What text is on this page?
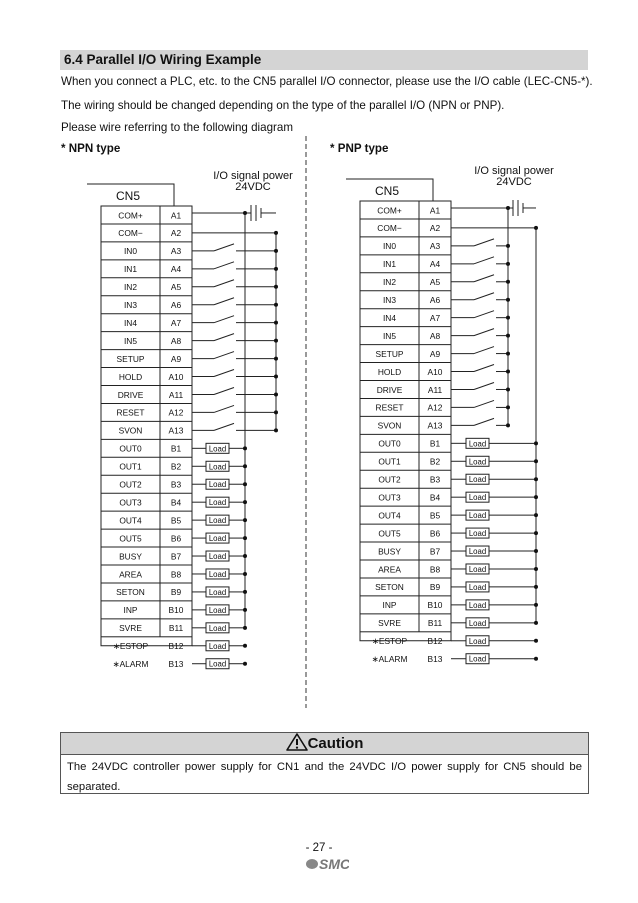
6.4 Parallel I/O Wiring Example
When you connect a PLC, etc. to the CN5 parallel I/O connector, please use the I/O cable (LEC-CN5-*).
The wiring should be changed depending on the type of the parallel I/O (NPN or PNP).
Please wire referring to the following diagram
* NPN type	* PNP type
CN5
COM+	A1
COM−	A2
IN0	A3
IN1	A4
IN2	A5
IN3	A6
IN4	A7
IN5	A8
SETUP	A9
HOLD	A10
DRIVE	A11
RESET	A12
SVON	A13
OUT0	B1
OUT1	B2
OUT2	B3
OUT3	B4
OUT4	B5
OUT5	B6
BUSY	B7
AREA	B8
SETON	B9
INP	B10
SVRE	B11
∗ESTOP B12
∗ALARM B13
I/O signal power
24VDC
Load
Load
Load
Load
Load
Load
Load
Load
Load
Load
Load
Load
Load
CN5
COM+	A1
COM−	A2
IN0	A3
IN1	A4
IN2	A5
IN3	A6
IN4	A7
IN5	A8
SETUP	A9
HOLD	A10
DRIVE	A11
RESET	A12
SVON	A13
OUT0	B1
OUT1	B2
OUT2	B3
OUT3	B4
OUT4	B5
OUT5	B6
BUSY	B7
AREA	B8
SETON	B9
INP	B10
SVRE	B11
∗ESTOP B12
∗ALARM B13
I/O signal power
24VDC
Load
Load
Load
Load
Load
Load
Load
Load
Load
Load
Load
Load
Load
Caution
The 24VDC controller power supply for CN1 and the 24VDC I/O power supply for CN5 should be separated.
- 27 -
SMC
